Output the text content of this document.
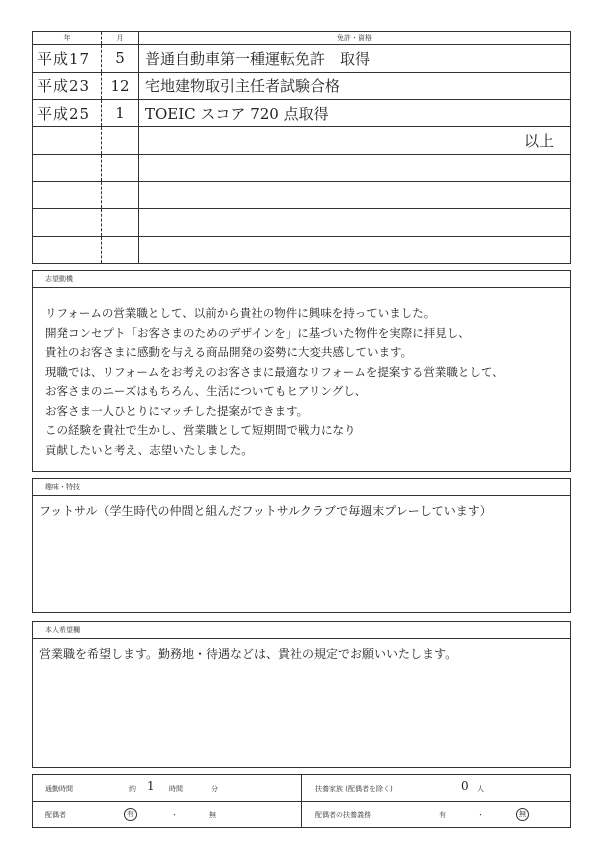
年	月	免許・資格
平成17	5	普通自動車第一種運転免許　取得
平成23	12	宅地建物取引主任者試験合格
平成25	1	TOEIC スコア 720 点取得
		以上

志望動機
リフォームの営業職として、以前から貴社の物件に興味を持っていました。
開発コンセプト「お客さまのためのデザインを」に基づいた物件を実際に拝見し、
貴社のお客さまに感動を与える商品開発の姿勢に大変共感しています。
現職では、リフォームをお考えのお客さまに最適なリフォームを提案する営業職として、
お客さまのニーズはもちろん、生活についてもヒアリングし、
お客さま一人ひとりにマッチした提案ができます。
この経験を貴社で生かし、営業職として短期間で戦力になり
貢献したいと考え、志望いたしました。
趣味・特技
フットサル（学生時代の仲間と組んだフットサルクラブで毎週末プレーしています）
本人希望欄
営業職を希望します。勤務地・待遇などは、貴社の規定でお願いいたします。
通勤時間	約 1 時間	分	扶養家族 (配偶者を除く)	0 人
配偶者	有	・	無	配偶者の扶養義務	有	・	無
